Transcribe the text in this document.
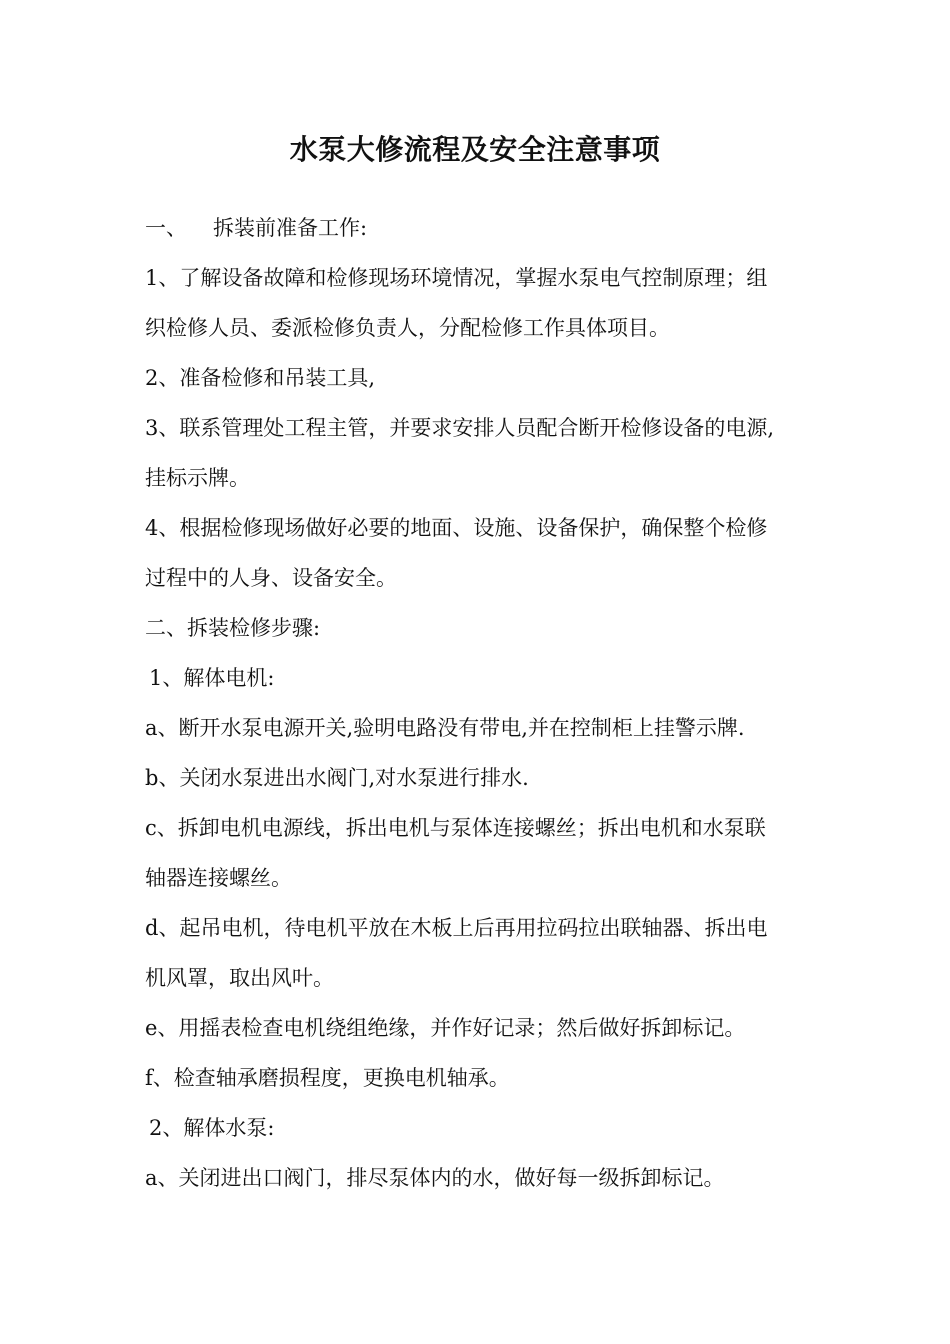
水泵大修流程及安全注意事项
一、 拆装前准备工作:
1、了解设备故障和检修现场环境情况，掌握水泵电气控制原理；组
织检修人员、委派检修负责人，分配检修工作具体项目。
2、准备检修和吊装工具,
3、联系管理处工程主管，并要求安排人员配合断开检修设备的电源,
挂标示牌。
4、根据检修现场做好必要的地面、设施、设备保护，确保整个检修
过程中的人身、设备安全。
二、拆装检修步骤:
1、解体电机:
a、断开水泵电源开关,验明电路没有带电,并在控制柜上挂警示牌.
b、关闭水泵进出水阀门,对水泵进行排水.
c、拆卸电机电源线，拆出电机与泵体连接螺丝；拆出电机和水泵联
轴器连接螺丝。
d、起吊电机，待电机平放在木板上后再用拉码拉出联轴器、拆出电
机风罩，取出风叶。
e、用摇表检查电机绕组绝缘，并作好记录；然后做好拆卸标记。
f、检查轴承磨损程度，更换电机轴承。
2、解体水泵:
a、关闭进出口阀门，排尽泵体内的水，做好每一级拆卸标记。
